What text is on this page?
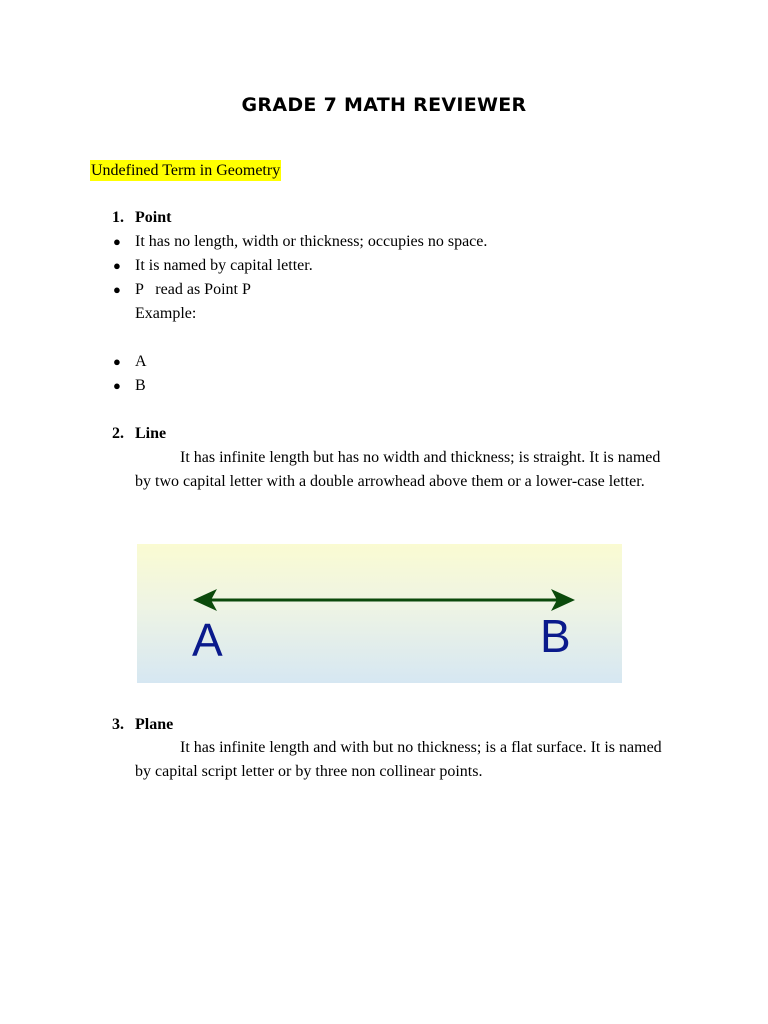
GRADE 7 MATH REVIEWER
Undefined Term in Geometry
1. Point
● It has no length, width or thickness; occupies no space.
● It is named by capital letter.
● P   read as Point P
Example:
● A
● B
2. Line
It has infinite length but has no width and thickness; is straight. It is named by two capital letter with a double arrowhead above them or a lower-case letter.
A	B
3. Plane
It has infinite length and with but no thickness; is a flat surface. It is named by capital script letter or by three non collinear points.
